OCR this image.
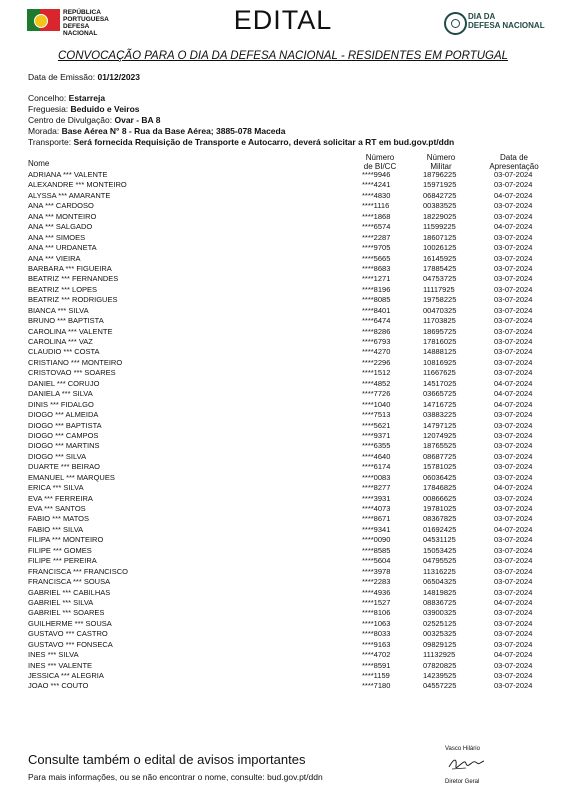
REPÚBLICA
PORTUGUESA
DEFESA
NACIONAL	EDITAL	DIA DA
DEFESA NACIONAL
CONVOCAÇÃO PARA O DIA DA DEFESA NACIONAL - RESIDENTES EM PORTUGAL
Data de Emissão: 01/12/2023
Concelho: Estarreja
Freguesia: Beduido e Veiros
Centro de Divulgação: Ovar - BA 8
Morada: Base Aérea N° 8 - Rua da Base Aérea; 3885-078 Maceda
Transporte: Será fornecida Requisição de Transporte e Autocarro, deverá solicitar a RT em bud.gov.pt/ddn
Nome
Número
de BI/CC
Número
Militar
Data de
Apresentação
ADRIANA *** VALENTE	****9946	18796225	03-07-2024
ALEXANDRE *** MONTEIRO	****4241	15971925	03-07-2024
ALYSSA *** AMARANTE	****4830	06842725	04-07-2024
ANA *** CARDOSO	****1116	00383525	03-07-2024
ANA *** MONTEIRO	****1868	18229025	03-07-2024
ANA *** SALGADO	****6574	11599225	04-07-2024
ANA *** SIMOES	****2287	18607125	03-07-2024
ANA *** URDANETA	****9705	10026125	03-07-2024
ANA *** VIEIRA	****5665	16145925	03-07-2024
BARBARA *** FIGUEIRA	****8683	17885425	03-07-2024
BEATRIZ *** FERNANDES	****1271	04753725	03-07-2024
BEATRIZ *** LOPES	****8196	11117925	03-07-2024
BEATRIZ *** RODRIGUES	****8085	19758225	03-07-2024
BIANCA *** SILVA	****8401	00470325	03-07-2024
BRUNO *** BAPTISTA	****6474	11703825	03-07-2024
CAROLINA *** VALENTE	****8286	18695725	03-07-2024
CAROLINA *** VAZ	****6793	17816025	03-07-2024
CLAUDIO *** COSTA	****4270	14888125	03-07-2024
CRISTIANO *** MONTEIRO	****2296	10816925	03-07-2024
CRISTOVAO *** SOARES	****1512	11667625	03-07-2024
DANIEL *** CORUJO	****4852	14517025	04-07-2024
DANIELA *** SILVA	****7726	03665725	04-07-2024
DINIS *** FIDALGO	****1040	14716725	04-07-2024
DIOGO *** ALMEIDA	****7513	03883225	03-07-2024
DIOGO *** BAPTISTA	****5621	14797125	03-07-2024
DIOGO *** CAMPOS	****9371	12074925	03-07-2024
DIOGO *** MARTINS	****6355	18765525	03-07-2024
DIOGO *** SILVA	****4640	08687725	03-07-2024
DUARTE *** BEIRAO	****6174	15781025	03-07-2024
EMANUEL *** MARQUES	****0083	06036425	03-07-2024
ERICA *** SILVA	****8277	17846825	04-07-2024
EVA *** FERREIRA	****3931	00866625	03-07-2024
EVA *** SANTOS	****4073	19781025	03-07-2024
FABIO *** MATOS	****8671	08367825	03-07-2024
FABIO *** SILVA	****9341	01692425	04-07-2024
FILIPA *** MONTEIRO	****0090	04531125	03-07-2024
FILIPE *** GOMES	****8585	15053425	03-07-2024
FILIPE *** PEREIRA	****5604	04795525	03-07-2024
FRANCISCA *** FRANCISCO	****3978	11316225	03-07-2024
FRANCISCA *** SOUSA	****2283	06504325	03-07-2024
GABRIEL *** CABILHAS	****4936	14819825	03-07-2024
GABRIEL *** SILVA	****1527	08836725	04-07-2024
GABRIEL *** SOARES	****8106	03900325	03-07-2024
GUILHERME *** SOUSA	****1063	02525125	03-07-2024
GUSTAVO *** CASTRO	****8033	00325325	03-07-2024
GUSTAVO *** FONSECA	****9163	09829125	03-07-2024
INES *** SILVA	****4702	11132925	04-07-2024
INES *** VALENTE	****8591	07820825	03-07-2024
JESSICA *** ALEGRIA	****1159	14239525	03-07-2024
JOAO *** COUTO	****7180	04557225	03-07-2024
Consulte também o edital de avisos importantes
Para mais informações, ou se não encontrar o nome, consulte: bud.gov.pt/ddn
Vasco Hilário
Diretor Geral
